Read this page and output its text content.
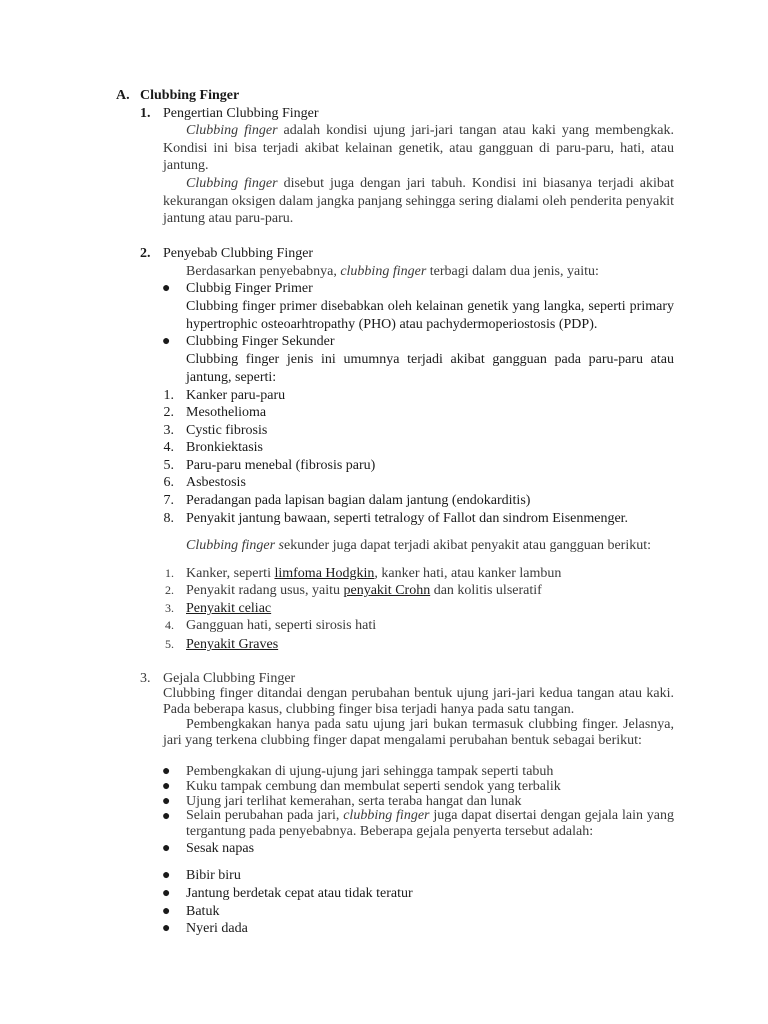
A. Clubbing Finger
1. Pengertian Clubbing Finger
Clubbing finger adalah kondisi ujung jari-jari tangan atau kaki yang membengkak. Kondisi ini bisa terjadi akibat kelainan genetik, atau gangguan di paru-paru, hati, atau jantung.
Clubbing finger disebut juga dengan jari tabuh. Kondisi ini biasanya terjadi akibat kekurangan oksigen dalam jangka panjang sehingga sering dialami oleh penderita penyakit jantung atau paru-paru.
2. Penyebab Clubbing Finger
Berdasarkan penyebabnya, clubbing finger terbagi dalam dua jenis, yaitu:
● Clubbig Finger Primer
Clubbing finger primer disebabkan oleh kelainan genetik yang langka, seperti primary hypertrophic osteoarhtropathy (PHO) atau pachydermoperiostosis (PDP).
● Clubbing Finger Sekunder
Clubbing finger jenis ini umumnya terjadi akibat gangguan pada paru-paru atau jantung, seperti:
1. Kanker paru-paru
2. Mesothelioma
3. Cystic fibrosis
4. Bronkiektasis
5. Paru-paru menebal (fibrosis paru)
6. Asbestosis
7. Peradangan pada lapisan bagian dalam jantung (endokarditis)
8. Penyakit jantung bawaan, seperti tetralogy of Fallot dan sindrom Eisenmenger.
Clubbing finger sekunder juga dapat terjadi akibat penyakit atau gangguan berikut:
1. Kanker, seperti limfoma Hodgkin, kanker hati, atau kanker lambun
2. Penyakit radang usus, yaitu penyakit Crohn dan kolitis ulseratif
3. Penyakit celiac
4. Gangguan hati, seperti sirosis hati
5. Penyakit Graves
3. Gejala Clubbing Finger
Clubbing finger ditandai dengan perubahan bentuk ujung jari-jari kedua tangan atau kaki. Pada beberapa kasus, clubbing finger bisa terjadi hanya pada satu tangan.
Pembengkakan hanya pada satu ujung jari bukan termasuk clubbing finger. Jelasnya, jari yang terkena clubbing finger dapat mengalami perubahan bentuk sebagai berikut:
● Pembengkakan di ujung-ujung jari sehingga tampak seperti tabuh
● Kuku tampak cembung dan membulat seperti sendok yang terbalik
● Ujung jari terlihat kemerahan, serta teraba hangat dan lunak
● Selain perubahan pada jari, clubbing finger juga dapat disertai dengan gejala lain yang tergantung pada penyebabnya. Beberapa gejala penyerta tersebut adalah:
● Sesak napas
● Bibir biru
● Jantung berdetak cepat atau tidak teratur
● Batuk
● Nyeri dada
